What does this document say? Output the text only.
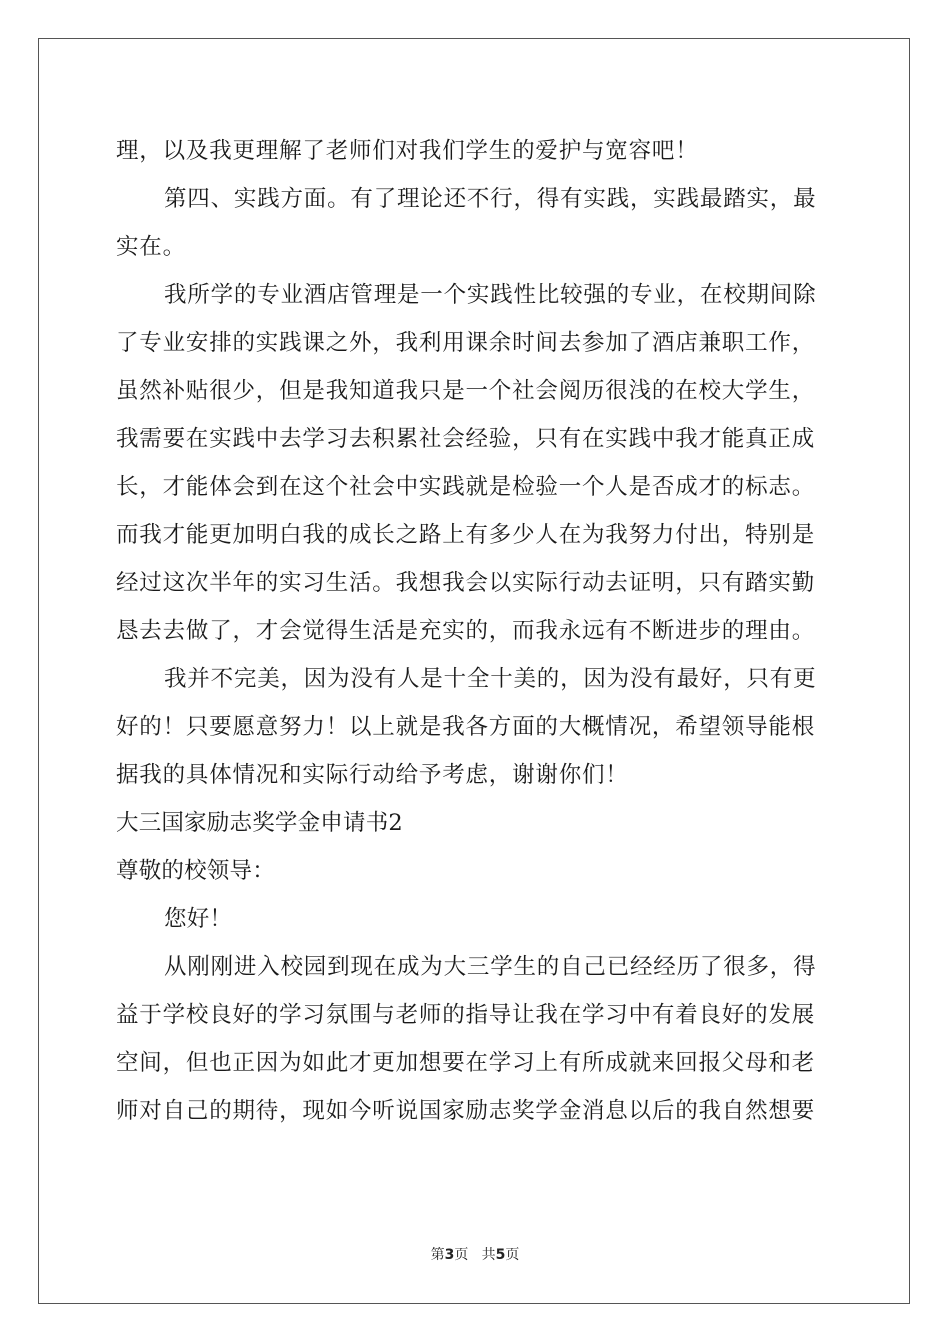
理，以及我更理解了老师们对我们学生的爱护与宽容吧！
第四、实践方面。有了理论还不行，得有实践，实践最踏实，最
实在。
我所学的专业酒店管理是一个实践性比较强的专业，在校期间除
了专业安排的实践课之外，我利用课余时间去参加了酒店兼职工作，
虽然补贴很少，但是我知道我只是一个社会阅历很浅的在校大学生，
我需要在实践中去学习去积累社会经验，只有在实践中我才能真正成
长，才能体会到在这个社会中实践就是检验一个人是否成才的标志。
而我才能更加明白我的成长之路上有多少人在为我努力付出，特别是
经过这次半年的实习生活。我想我会以实际行动去证明，只有踏实勤
恳去去做了，才会觉得生活是充实的，而我永远有不断进步的理由。
我并不完美，因为没有人是十全十美的，因为没有最好，只有更
好的！只要愿意努力！以上就是我各方面的大概情况，希望领导能根
据我的具体情况和实际行动给予考虑，谢谢你们！
大三国家励志奖学金申请书2
尊敬的校领导：
您好！
从刚刚进入校园到现在成为大三学生的自己已经经历了很多，得
益于学校良好的学习氛围与老师的指导让我在学习中有着良好的发展
空间，但也正因为如此才更加想要在学习上有所成就来回报父母和老
师对自己的期待，现如今听说国家励志奖学金消息以后的我自然想要
第3页 共5页
